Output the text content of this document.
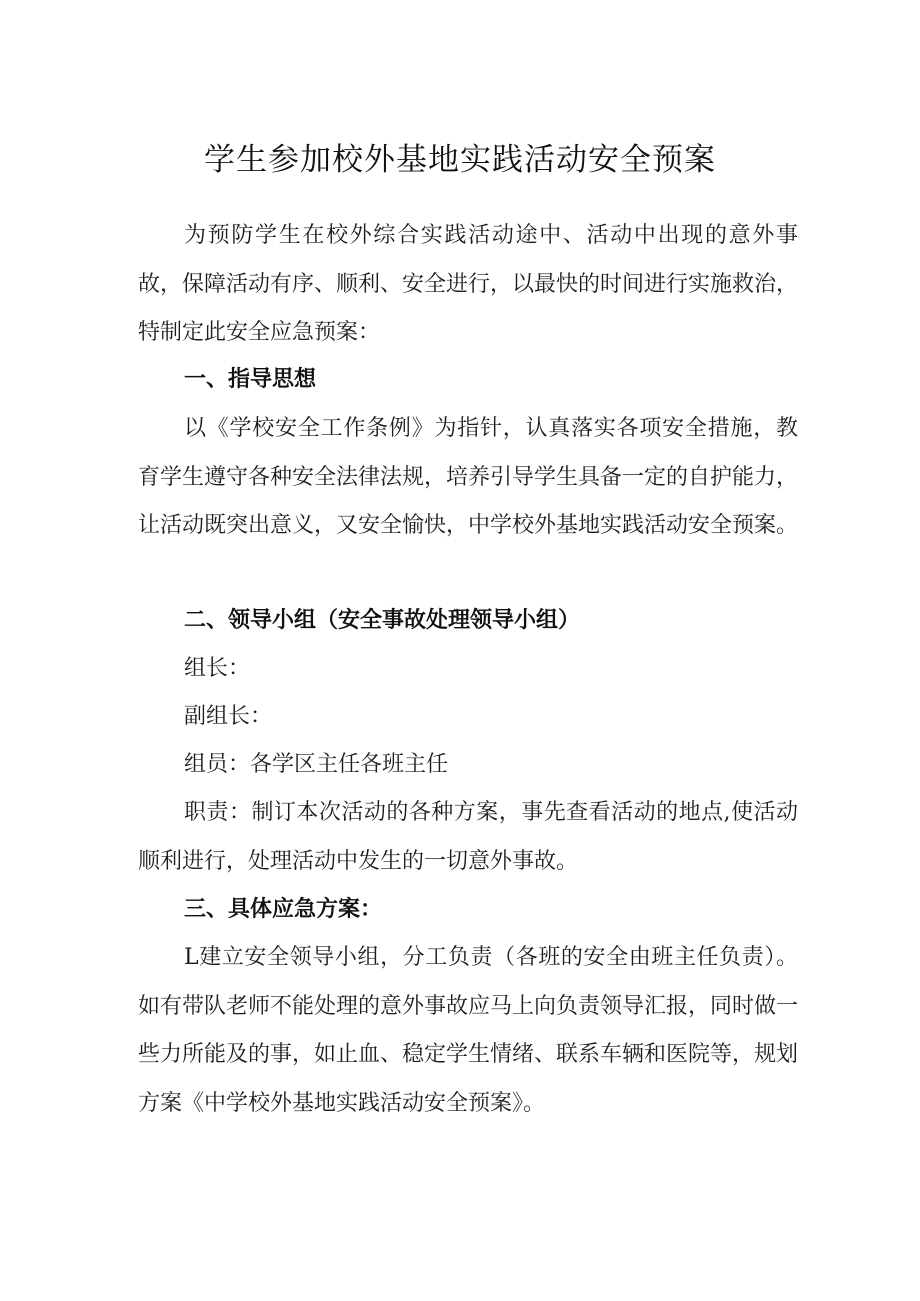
学生参加校外基地实践活动安全预案

为预防学生在校外综合实践活动途中、活动中出现的意外事故，保障活动有序、顺利、安全进行，以最快的时间进行实施救治，特制定此安全应急预案：

一、指导思想

以《学校安全工作条例》为指针，认真落实各项安全措施，教育学生遵守各种安全法律法规，培养引导学生具备一定的自护能力，让活动既突出意义，又安全愉快，中学校外基地实践活动安全预案。

二、领导小组（安全事故处理领导小组）

组长：

副组长：

组员：各学区主任各班主任

职责：制订本次活动的各种方案，事先查看活动的地点,使活动顺利进行，处理活动中发生的一切意外事故。

三、具体应急方案：

L建立安全领导小组，分工负责（各班的安全由班主任负责）。如有带队老师不能处理的意外事故应马上向负责领导汇报，同时做一些力所能及的事，如止血、稳定学生情绪、联系车辆和医院等，规划方案《中学校外基地实践活动安全预案》。
